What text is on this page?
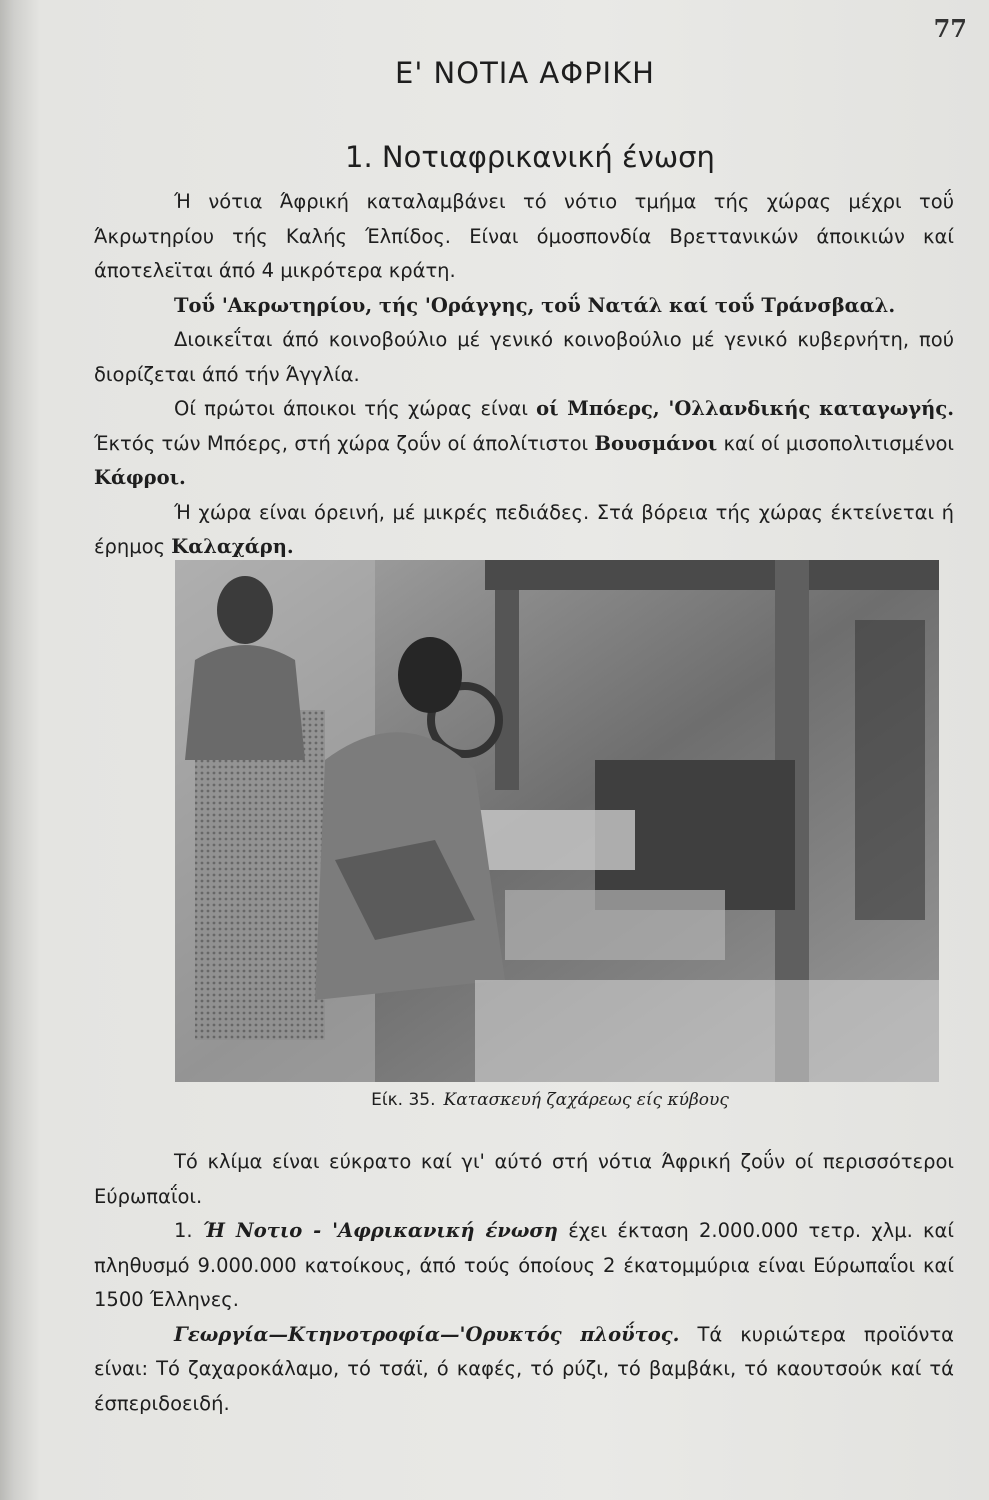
77
Ε' ΝΟΤΙΑ ΑΦΡΙΚΗ
1. Νοτιαφρικανική ένωση

Ή νότια Άφρική καταλαμβάνει τό νότιο τμήμα τής χώρας μέχρι τοΰ Άκρωτηρίου τής Καλής Έλπίδος. Είναι όμοσπονδία Βρεττανικών άποικιών καί άποτελεϊται άπό 4 μικρότερα κράτη.

Τοΰ 'Ακρωτηρίου, τής 'Οράγγης, τοΰ Νατάλ καί τοΰ Τράνσβααλ.

Διοικεΐται άπό κοινοβούλιο μέ γενικό κοινοβούλιο μέ γενικό κυβερνήτη, πού διορίζεται άπό τήν Άγγλία.

Οί πρώτοι άποικοι τής χώρας είναι οί Μπόερς, 'Ολλανδικής καταγωγής. Έκτός τών Μπόερς, στή χώρα ζοΰν οί άπολίτιστοι Βουσμάνοι καί οί μισοπολιτισμένοι Κάφροι.

Ή χώρα είναι όρεινή, μέ μικρές πεδιάδες. Στά βόρεια τής χώρας έκτείνεται ή έρημος Καλαχάρη.

Είκ. 35. Κατασκευή ζαχάρεως είς κύβους

Τό κλίμα είναι εύκρατο καί γι' αύτό στή νότια Άφρική ζοΰν οί περισσότεροι Εύρωπαΐοι.

1. Ή Νοτιο - 'Αφρικανική ένωση έχει έκταση 2.000.000 τετρ. χλμ. καί πληθυσμό 9.000.000 κατοίκους, άπό τούς όποίους 2 έκατομμύρια είναι Εύρωπαΐοι καί 1500 Έλληνες.

Γεωργία—Κτηνοτροφία—'Ορυκτός πλοΰτος. Τά κυριώτερα προϊόντα είναι: Τό ζαχαροκάλαμο, τό τσάϊ, ό καφές, τό ρύζι, τό βαμβάκι, τό καουτσούκ καί τά έσπεριδοειδή.
